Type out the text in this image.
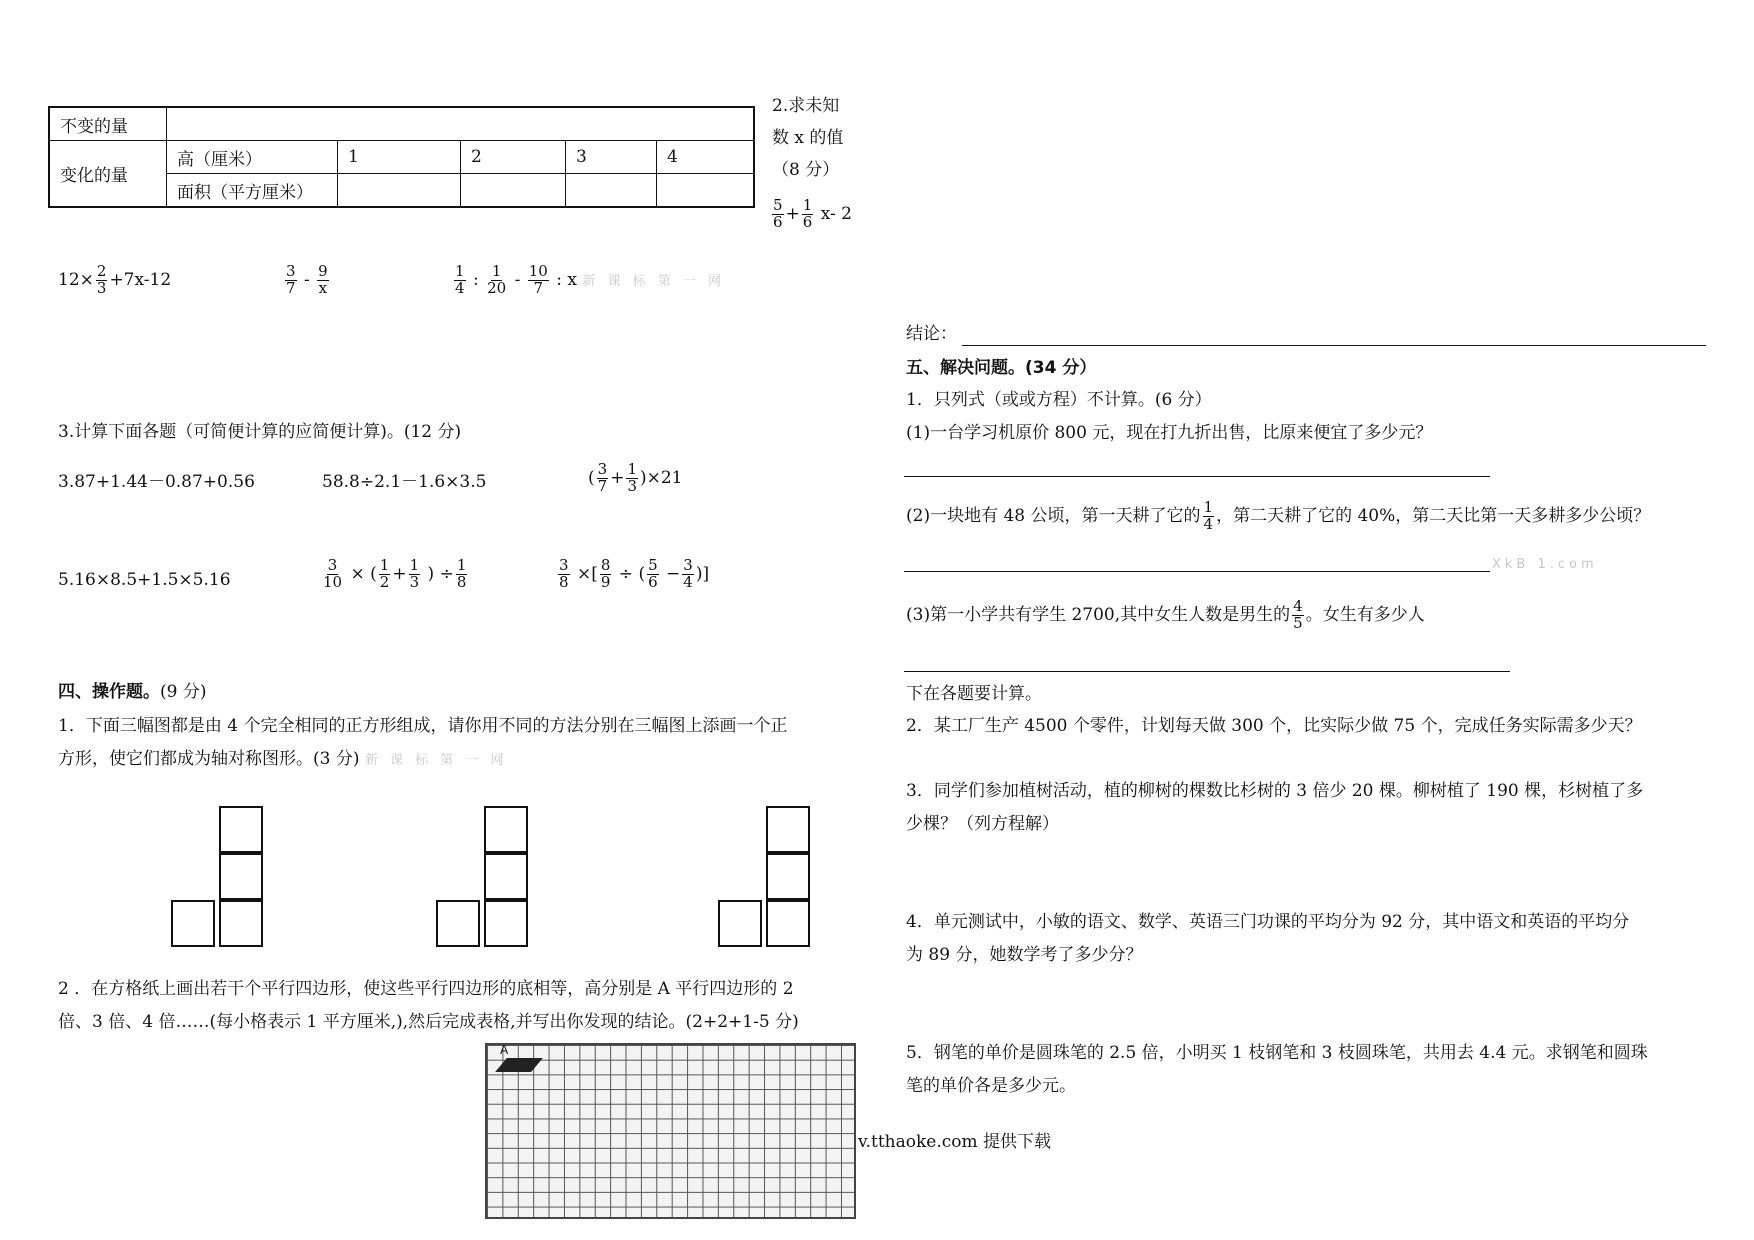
不变的量					
变化的量	高（厘米）	1	2	3	4
	面积（平方厘米）				
2.求未知
数 x 的值
（8 分）
$\frac{5}{6} + \frac{1}{6} x-$ 2
$12\times \frac{2}{3} +7x-12$	$\frac{3}{7} - \frac{9}{x}$	$\frac{1}{4}$ : $\frac{1}{20} - \frac{10}{7}$ : x 新 课 标 第 一 网
3.计算下面各题（可简便计算的应简便计算)。(12 分)
3.87+1.44－0.87+0.56	58.8÷2.1－1.6×3.5	( $\frac{3}{7} + \frac{1}{3} )\times 21$
5.16×8.5+1.5×5.16	$\frac{3}{10}$ × ( $\frac{1}{2} + \frac{1}{3}$ ) ÷ $\frac{1}{8}$	$\frac{3}{8}$ ×[ $\frac{8}{9}$ ÷ ( $\frac{5}{6} - \frac{3}{4}$ )]
四、操作题。(9 分)
1．下面三幅图都是由 4 个完全相同的正方形组成，请你用不同的方法分别在三幅图上添画一个正
方形，使它们都成为轴对称图形。(3 分) 新 课 标 第 一 网
2 ．在方格纸上画出若干个平行四边形，使这些平行四边形的底相等，高分别是 A 平行四边形的 2
倍、3 倍、4 倍……(每小格表示 1 平方厘米,),然后完成表格,并写出你发现的结论。(2+2+1-5 分)
A
v.tthaoke.com 提供下载
结论：
五、解决问题。(34 分）
1．只列式（或或方程）不计算。(6 分）
(1)一台学习机原价 800 元，现在打九折出售，比原来便宜了多少元？
(2)一块地有 48 公顷，第一天耕了它的 $\frac{1}{4}$ ，第二天耕了它的 40%，第二天比第一天多耕多少公顷？
XkB 1.com
(3)第一小学共有学生 2700,其中女生人数是男生的 $\frac{4}{5}$ 。女生有多少人
下在各题要计算。
2．某工厂生产 4500 个零件，计划每天做 300 个，比实际少做 75 个，完成任务实际需多少天？
3．同学们参加植树活动，植的柳树的棵数比杉树的 3 倍少 20 棵。柳树植了 190 棵，杉树植了多
少棵？（列方程解）
4．单元测试中，小敏的语文、数学、英语三门功课的平均分为 92 分，其中语文和英语的平均分
为 89 分，她数学考了多少分？
5．钢笔的单价是圆珠笔的 2.5 倍，小明买 1 枝钢笔和 3 枝圆珠笔，共用去 4.4 元。求钢笔和圆珠
笔的单价各是多少元。
